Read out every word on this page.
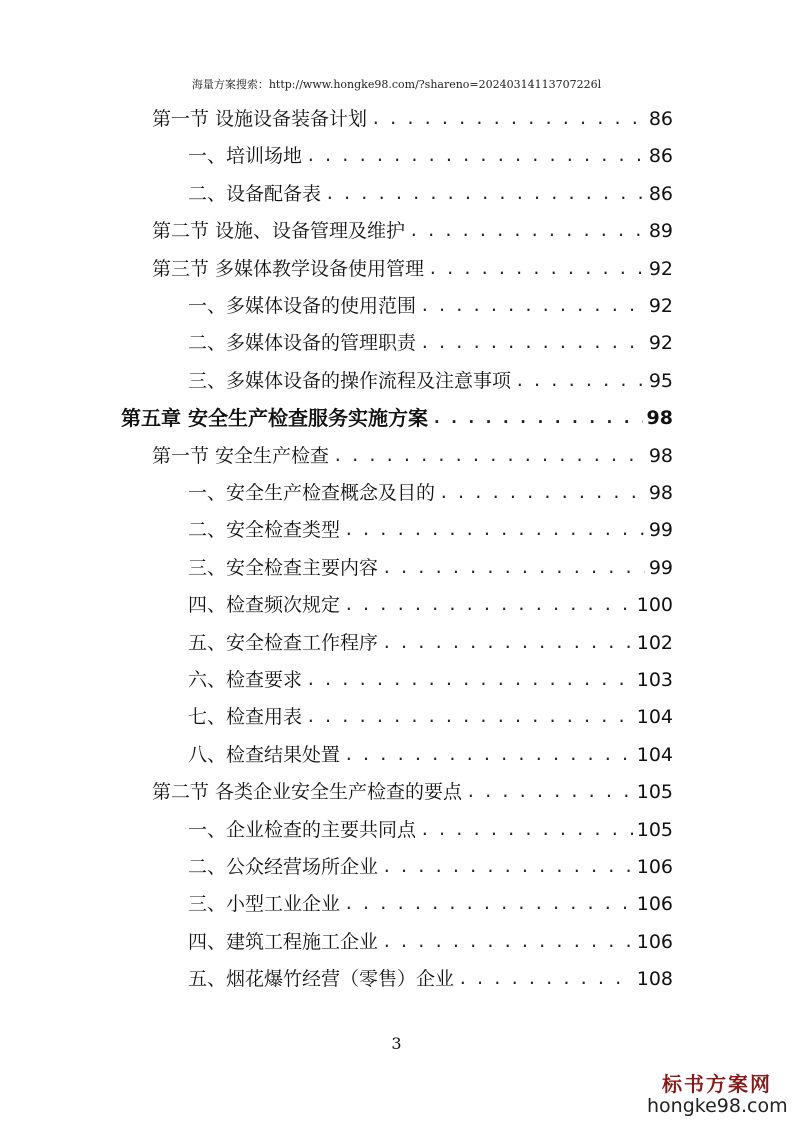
海量方案搜索：http://www.hongke98.com/?shareno=20240314113707226l
第一节 设施设备装备计划 . . .	86
一、培训场地 . . .	86
二、设备配备表 . . .	86
第二节 设施、设备管理及维护 . . .	89
第三节 多媒体教学设备使用管理 . . .	92
一、多媒体设备的使用范围 . . .	92
二、多媒体设备的管理职责 . . .	92
三、多媒体设备的操作流程及注意事项 . . .	95
第五章 安全生产检查服务实施方案 . . .	98
第一节 安全生产检查 . . .	98
一、安全生产检查概念及目的 . . .	98
二、安全检查类型 . . .	99
三、安全检查主要内容 . . .	99
四、检查频次规定 . . .	100
五、安全检查工作程序 . . .	102
六、检查要求 . . .	103
七、检查用表 . . .	104
八、检查结果处置 . . .	104
第二节 各类企业安全生产检查的要点 . . .	105
一、企业检查的主要共同点 . . .	105
二、公众经营场所企业 . . .	106
三、小型工业企业 . . .	106
四、建筑工程施工企业 . . .	106
五、烟花爆竹经营（零售）企业 . . .	108
3
标书方案网
hongke98.com
